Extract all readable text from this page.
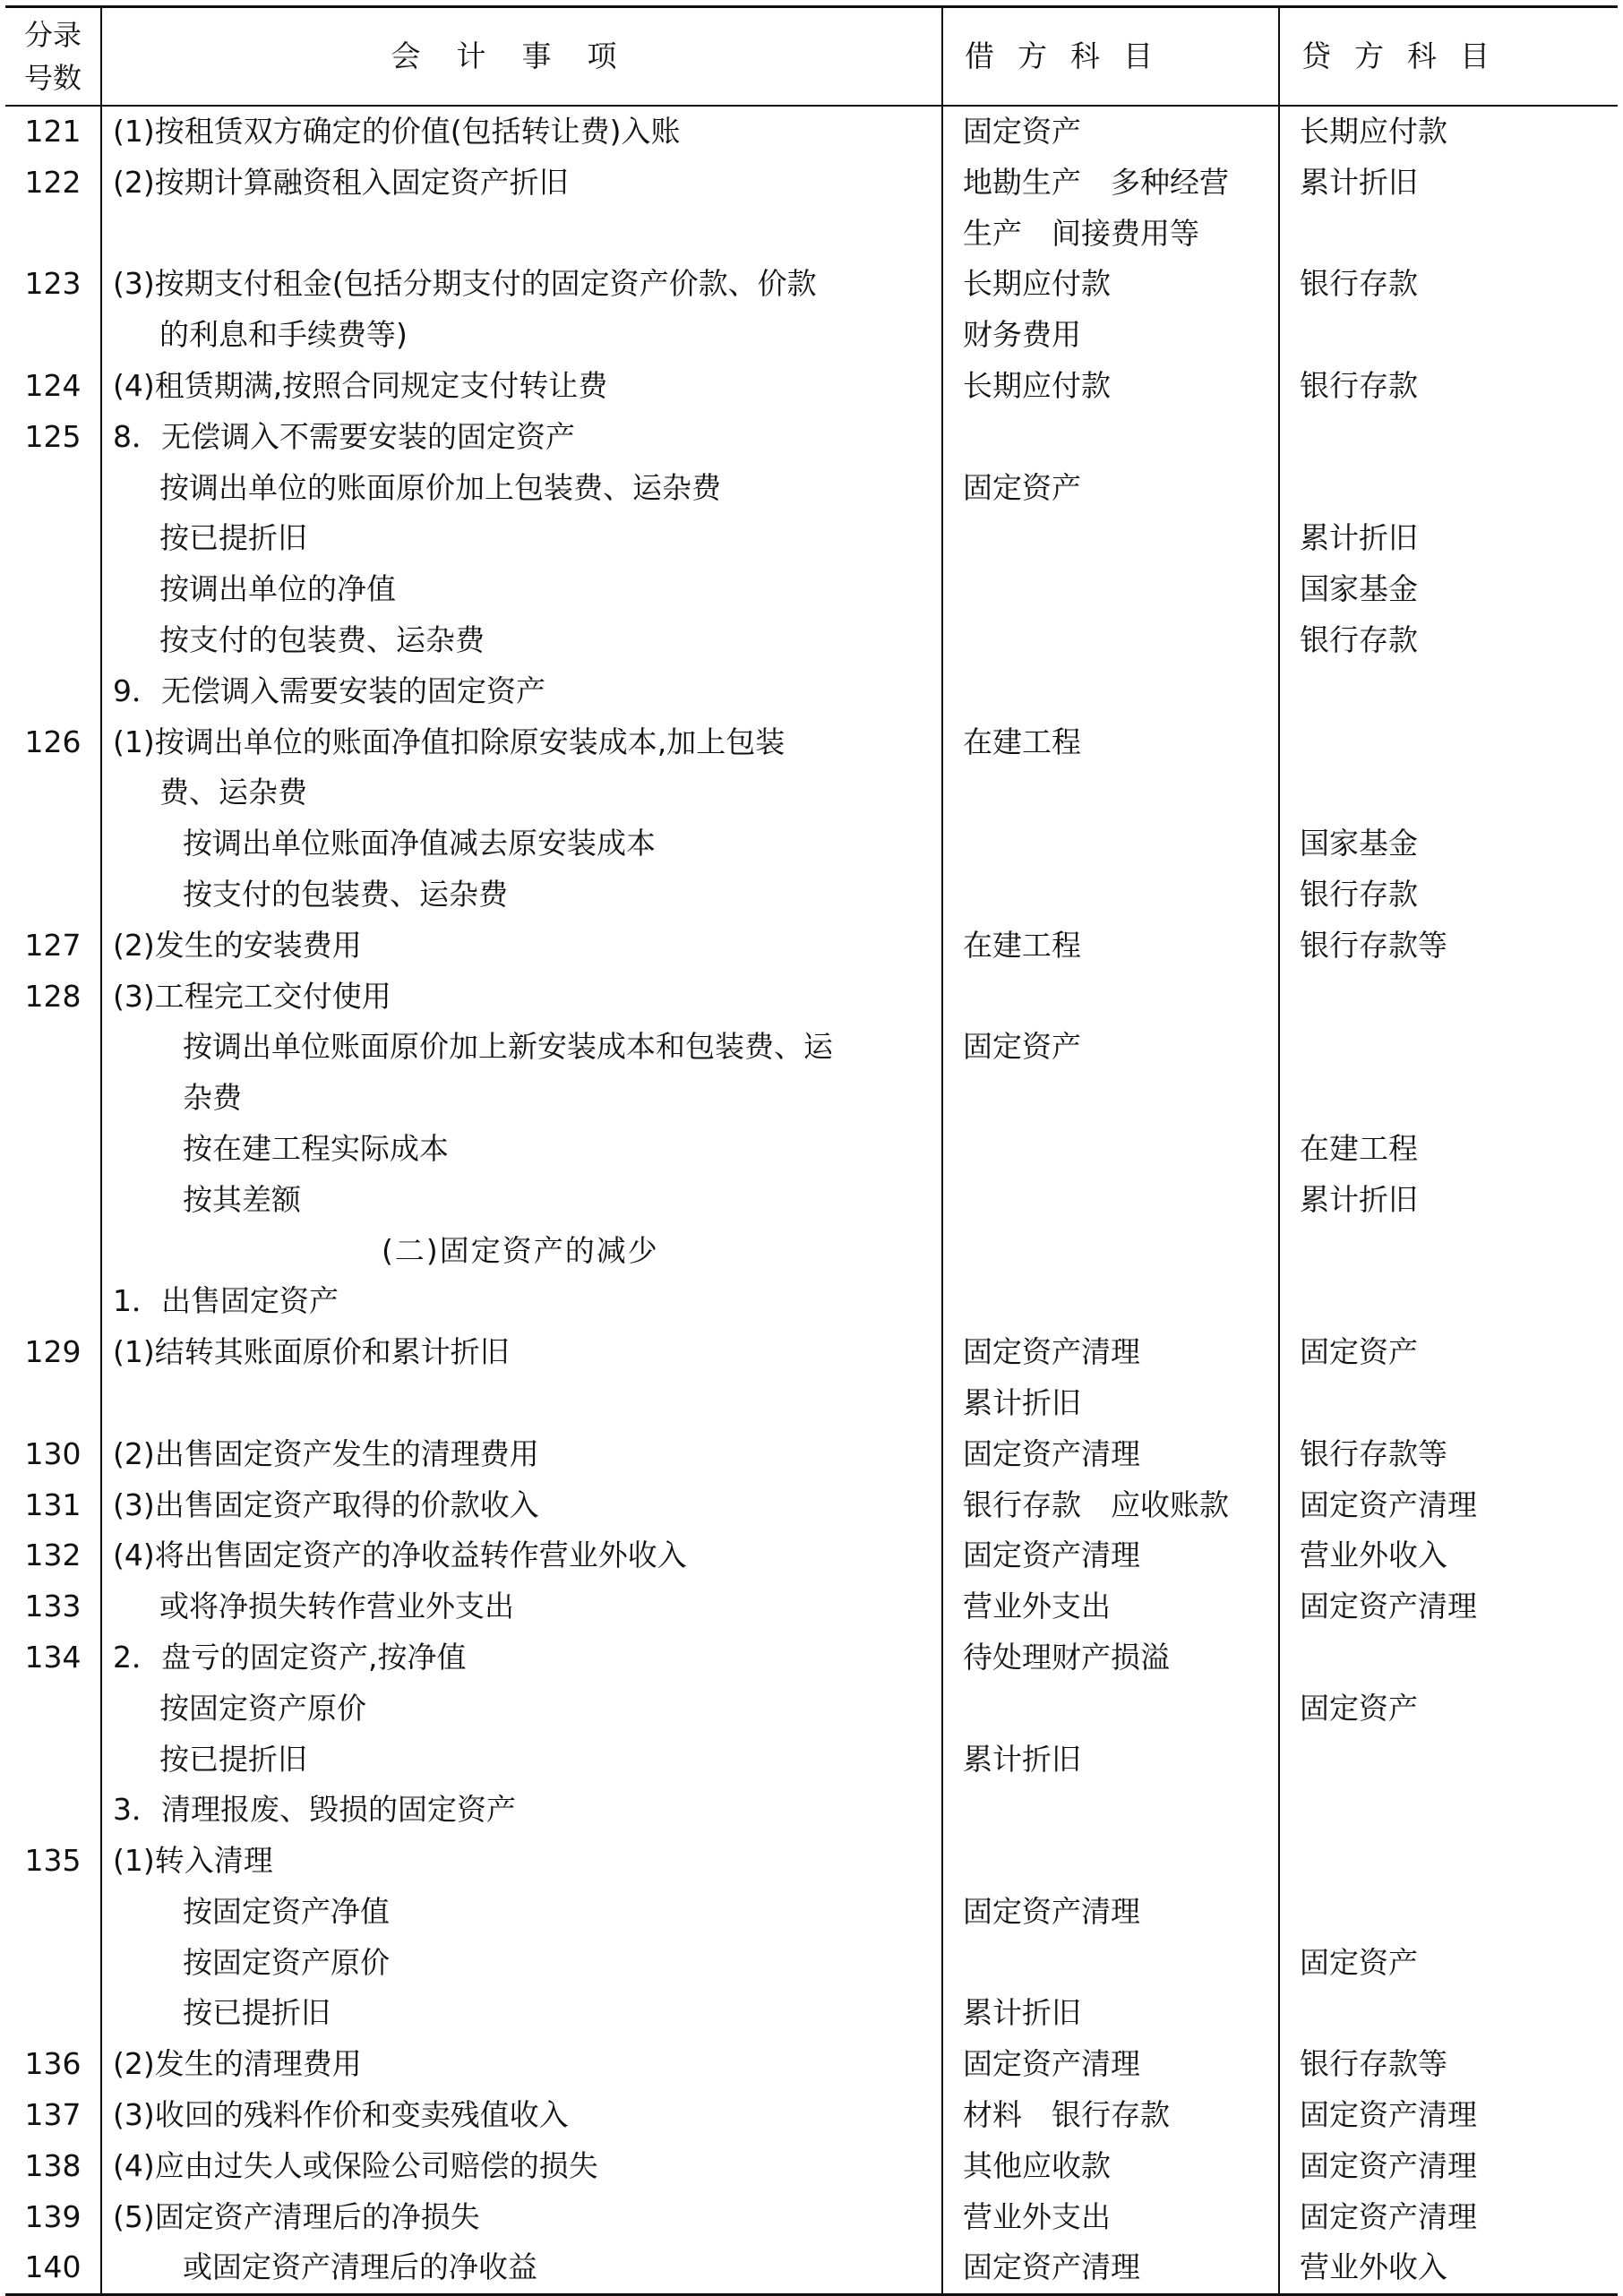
分录
号数	会计事项	借方科目	贷方科目
121	(1)按租赁双方确定的价值(包括转让费)入账	固定资产	长期应付款
122	(2)按期计算融资租入固定资产折旧	地勘生产　多种经营	累计折旧
		生产　间接费用等	
123	(3)按期支付租金(包括分期支付的固定资产价款、价款	长期应付款	银行存款

	的利息和手续费等)	财务费用	
124	(4)租赁期满,按照合同规定支付转让费	长期应付款	银行存款
125	8．无偿调入不需要安装的固定资产		
	按调出单位的账面原价加上包装费、运杂费	固定资产	
	按已提折旧		累计折旧
	按调出单位的净值		国家基金
	按支付的包装费、运杂费		银行存款
	9．无偿调入需要安装的固定资产		
126	(1)按调出单位的账面净值扣除原安装成本,加上包装	在建工程	

	费、运杂费		

	按调出单位账面净值减去原安装成本		国家基金
	按支付的包装费、运杂费		银行存款
127	(2)发生的安装费用	在建工程	银行存款等
128	(3)工程完工交付使用		
	按调出单位账面原价加上新安装成本和包装费、运	固定资产	

	杂费		

	按在建工程实际成本		在建工程
	按其差额		累计折旧

	(二)固定资产的减少		

	1．出售固定资产		
129	(1)结转其账面原价和累计折旧	固定资产清理	固定资产
		累计折旧	
130	(2)出售固定资产发生的清理费用	固定资产清理	银行存款等
131	(3)出售固定资产取得的价款收入	银行存款　应收账款	固定资产清理
132	(4)将出售固定资产的净收益转作营业外收入	固定资产清理	营业外收入
133	或将净损失转作营业外支出	营业外支出	固定资产清理
134	2．盘亏的固定资产,按净值	待处理财产损溢	
	按固定资产原价		固定资产
	按已提折旧	累计折旧	
	3．清理报废、毁损的固定资产		
135	(1)转入清理		
	按固定资产净值	固定资产清理	
	按固定资产原价		固定资产
	按已提折旧	累计折旧	
136	(2)发生的清理费用	固定资产清理	银行存款等
137	(3)收回的残料作价和变卖残值收入	材料　银行存款	固定资产清理
138	(4)应由过失人或保险公司赔偿的损失	其他应收款	固定资产清理
139	(5)固定资产清理后的净损失	营业外支出	固定资产清理
140	或固定资产清理后的净收益	固定资产清理	营业外收入
